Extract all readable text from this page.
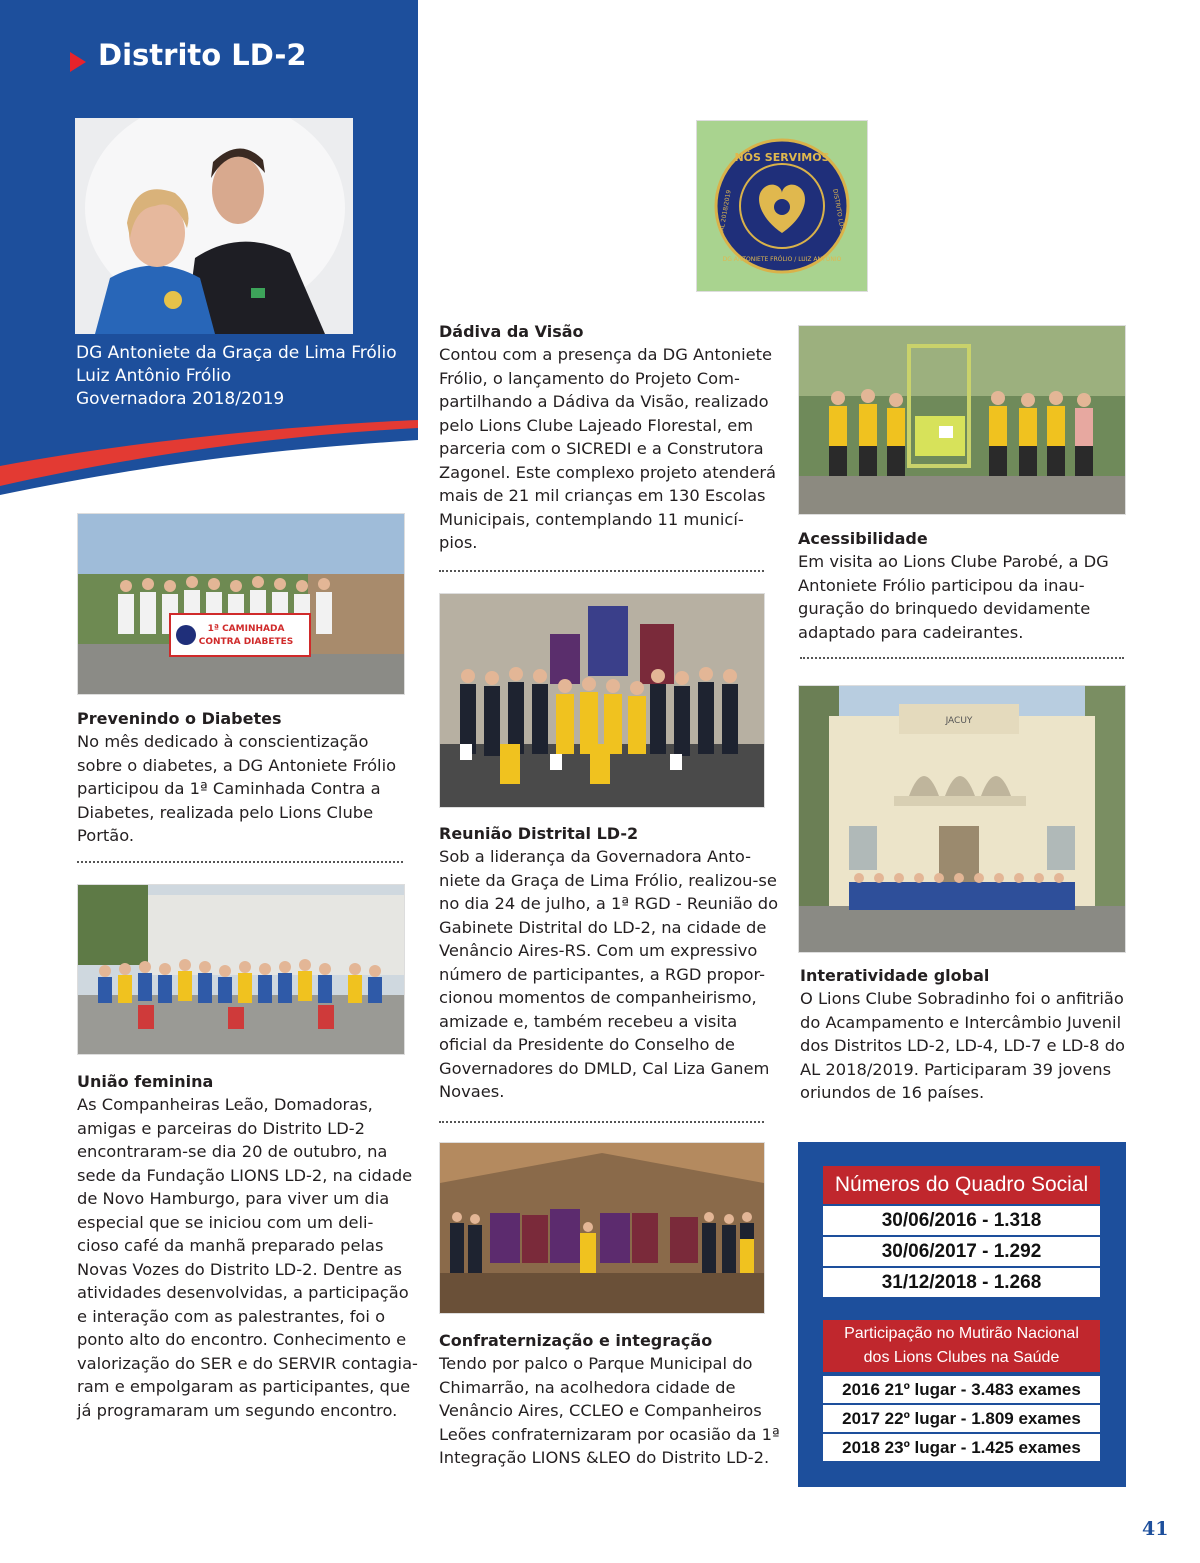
Distrito LD-2
DG Antoniete da Graça de Lima Frólio
Luiz Antônio Frólio
Governadora 2018/2019
NÓS SERVIMOS
DG ANTONIETE FRÓLIO / LUIZ ANTÔNIO
AL 2018/2019	DISTRITO LD-2
Dádiva da Visão
Contou com a presença da DG Antoniete
Frólio, o lançamento do Projeto Com-
partilhando a Dádiva da Visão, realizado
pelo Lions Clube Lajeado Florestal, em
parceria com o SICREDI e a Construtora
Zagonel. Este complexo projeto atenderá
mais de 21 mil crianças em 130 Escolas
Municipais, contemplando 11 municí-
pios.	Acessibilidade
Em visita ao Lions Clube Parobé, a DG
Antoniete Frólio participou da inau-
guração do brinquedo devidamente
adaptado para cadeirantes.
1ª CAMINHADA
CONTRA DIABETES
Prevenindo o Diabetes
No mês dedicado à conscientização
sobre o diabetes, a DG Antoniete Frólio
participou da 1ª Caminhada Contra a
Diabetes, realizada pelo Lions Clube
Portão.	Reunião Distrital LD-2
Sob a liderança da Governadora Anto-
niete da Graça de Lima Frólio, realizou-se
no dia 24 de julho, a 1ª RGD - Reunião do
Gabinete Distrital do LD-2, na cidade de
Venâncio Aires-RS. Com um expressivo
número de participantes, a RGD propor-
cionou momentos de companheirismo,
amizade e, também recebeu a visita
oficial da Presidente do Conselho de
Governadores do DMLD, Cal Liza Ganem
Novaes.
JACUY
Interatividade global
O Lions Clube Sobradinho foi o anfitrião
do Acampamento e Intercâmbio Juvenil
dos Distritos LD-2, LD-4, LD-7 e LD-8 do
AL 2018/2019. Participaram 39 jovens
oriundos de 16 países.
União feminina
As Companheiras Leão, Domadoras,
amigas e parceiras do Distrito LD-2
encontraram-se dia 20 de outubro, na
sede da Fundação LIONS LD-2, na cidade
de Novo Hamburgo, para viver um dia
especial que se iniciou com um deli-
cioso café da manhã preparado pelas
Novas Vozes do Distrito LD-2. Dentre as
atividades desenvolvidas, a participação
e interação com as palestrantes, foi o
ponto alto do encontro. Conhecimento e
valorização do SER e do SERVIR contagia-
ram e empolgaram as participantes, que
já programaram um segundo encontro.
Confraternização e integração
Tendo por palco o Parque Municipal do
Chimarrão, na acolhedora cidade de
Venâncio Aires, CCLEO e Companheiros
Leões confraternizaram por ocasião da 1ª
Integração LIONS &LEO do Distrito LD-2.
Números do Quadro Social
30/06/2016 - 1.318
30/06/2017 - 1.292
31/12/2018 - 1.268
Participação no Mutirão Nacional
dos Lions Clubes na Saúde
2016 21º lugar - 3.483 exames
2017 22º lugar - 1.809 exames
2018 23º lugar - 1.425 exames
41
